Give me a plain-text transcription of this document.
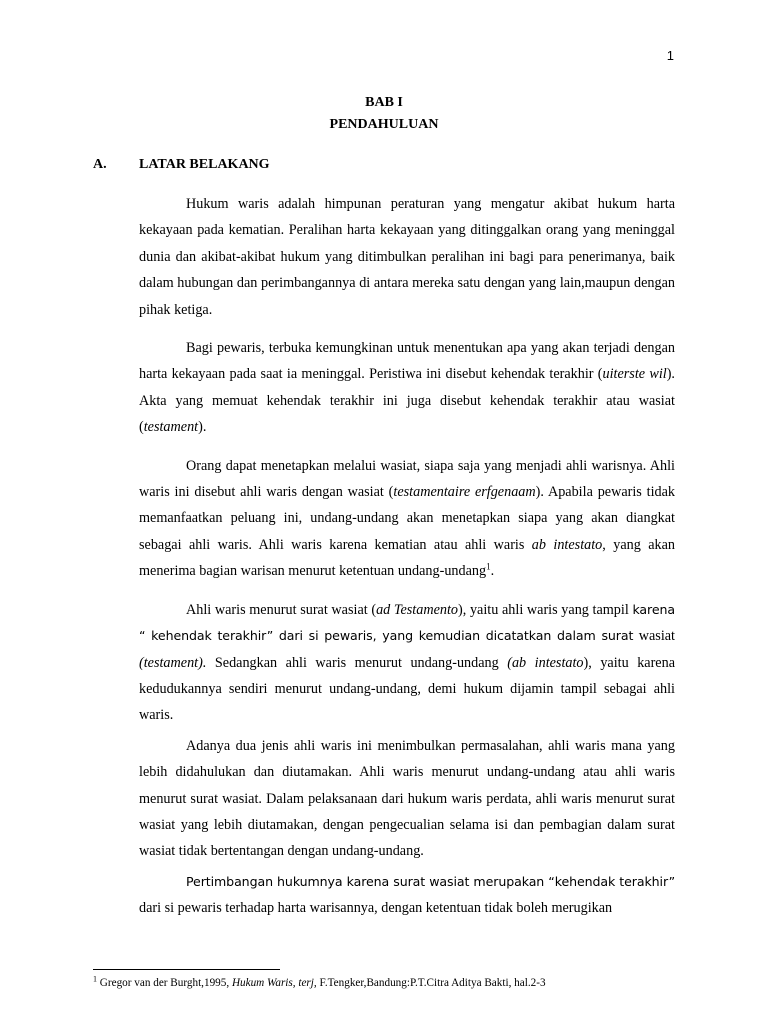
1
BAB I
PENDAHULUAN
A. LATAR BELAKANG

Hukum waris adalah himpunan peraturan yang mengatur akibat hukum harta kekayaan pada kematian. Peralihan harta kekayaan yang ditinggalkan orang yang meninggal dunia dan akibat-akibat hukum yang ditimbulkan peralihan ini bagi para penerimanya, baik dalam hubungan dan perimbangannya di antara mereka satu dengan yang lain,maupun dengan pihak ketiga.

Bagi pewaris, terbuka kemungkinan untuk menentukan apa yang akan terjadi dengan harta kekayaan pada saat ia meninggal. Peristiwa ini disebut kehendak terakhir (uiterste wil). Akta yang memuat kehendak terakhir ini juga disebut kehendak terakhir atau wasiat (testament).

Orang dapat menetapkan melalui wasiat, siapa saja yang menjadi ahli warisnya. Ahli waris ini disebut ahli waris dengan wasiat (testamentaire erfgenaam). Apabila pewaris tidak memanfaatkan peluang ini, undang-undang akan menetapkan siapa yang akan diangkat sebagai ahli waris. Ahli waris karena kematian atau ahli waris ab intestato, yang akan menerima bagian warisan menurut ketentuan undang-undang$^1$.

Ahli waris menurut surat wasiat (ad Testamento), yaitu ahli waris yang tampil karena “ kehendak terakhir” dari si pewaris, yang kemudian dicatatkan dalam surat wasiat (testament). Sedangkan ahli waris menurut undang-undang (ab intestato), yaitu karena kedudukannya sendiri menurut undang-undang, demi hukum dijamin tampil sebagai ahli waris.

Adanya dua jenis ahli waris ini menimbulkan permasalahan, ahli waris mana yang lebih didahulukan dan diutamakan. Ahli waris menurut undang-undang atau ahli waris menurut surat wasiat. Dalam pelaksanaan dari hukum waris perdata, ahli waris menurut surat wasiat yang lebih diutamakan, dengan pengecualian selama isi dan pembagian dalam surat wasiat tidak bertentangan dengan undang-undang.

Pertimbangan hukumnya karena surat wasiat merupakan “kehendak terakhir” dari si pewaris terhadap harta warisannya, dengan ketentuan tidak boleh merugikan

$^1$ Gregor van der Burght,1995, Hukum Waris, terj, F.Tengker,Bandung:P.T.Citra Aditya Bakti, hal.2-3
